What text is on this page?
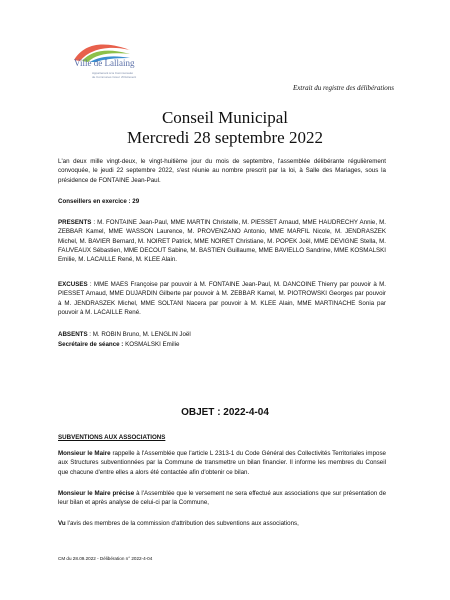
Ville de Lallaing
Appartenant à la Communauté
de Communes Cœur d'Ostrevent
Extrait du registre des délibérations
Conseil Municipal
Mercredi 28 septembre 2022
L'an deux mille vingt-deux, le vingt-huitième jour du mois de septembre, l'assemblée délibérante régulièrement convoquée, le jeudi 22 septembre 2022, s'est réunie au nombre prescrit par la loi, à Salle des Mariages, sous la présidence de FONTAINE Jean-Paul.
Conseillers en exercice : 29
PRESENTS : M. FONTAINE Jean-Paul, MME MARTIN Christelle, M. PIESSET Arnaud, MME HAUDRECHY Annie, M. ZEBBAR Kamel, MME WASSON Laurence, M. PROVENZANO Antonio, MME MARFIL Nicole, M. JENDRASZEK Michel, M. BAVIER Bernard, M. NOIRET Patrick, MME NOIRET Christiane, M. POPEK Joël, MME DEVIGNE Stella, M. FAUVEAUX Sébastien, MME DECOUT Sabine, M. BASTIEN Guillaume, MME BAVIELLO Sandrine, MME KOSMALSKI Emilie, M. LACAILLE René, M. KLEE Alain.
EXCUSES : MME MAES Françoise par pouvoir à M. FONTAINE Jean-Paul, M. DANCOINE Thierry par pouvoir à M. PIESSET Arnaud, MME DUJARDIN Gilberte par pouvoir à M. ZEBBAR Kamel, M. PIOTROWSKI Georges par pouvoir à M. JENDRASZEK Michel, MME SOLTANI Nacera par pouvoir à M. KLEE Alain, MME MARTINACHE Sonia par pouvoir à M. LACAILLE René.
ABSENTS : M. ROBIN Bruno, M. LENGLIN Joël
Secrétaire de séance : KOSMALSKI Emilie
OBJET : 2022-4-04
SUBVENTIONS AUX ASSOCIATIONS
Monsieur le Maire rappelle à l'Assemblée que l'article L 2313-1 du Code Général des Collectivités Territoriales impose aux Structures subventionnées par la Commune de transmettre un bilan financier. Il informe les membres du Conseil que chacune d'entre elles a alors été contactée afin d'obtenir ce bilan.
Monsieur le Maire précise à l'Assemblée que le versement ne sera effectué aux associations que sur présentation de leur bilan et après analyse de celui-ci par la Commune,
Vu l'avis des membres de la commission d'attribution des subventions aux associations,
CM du 28.09.2022 - Délibération n° 2022-4-04
